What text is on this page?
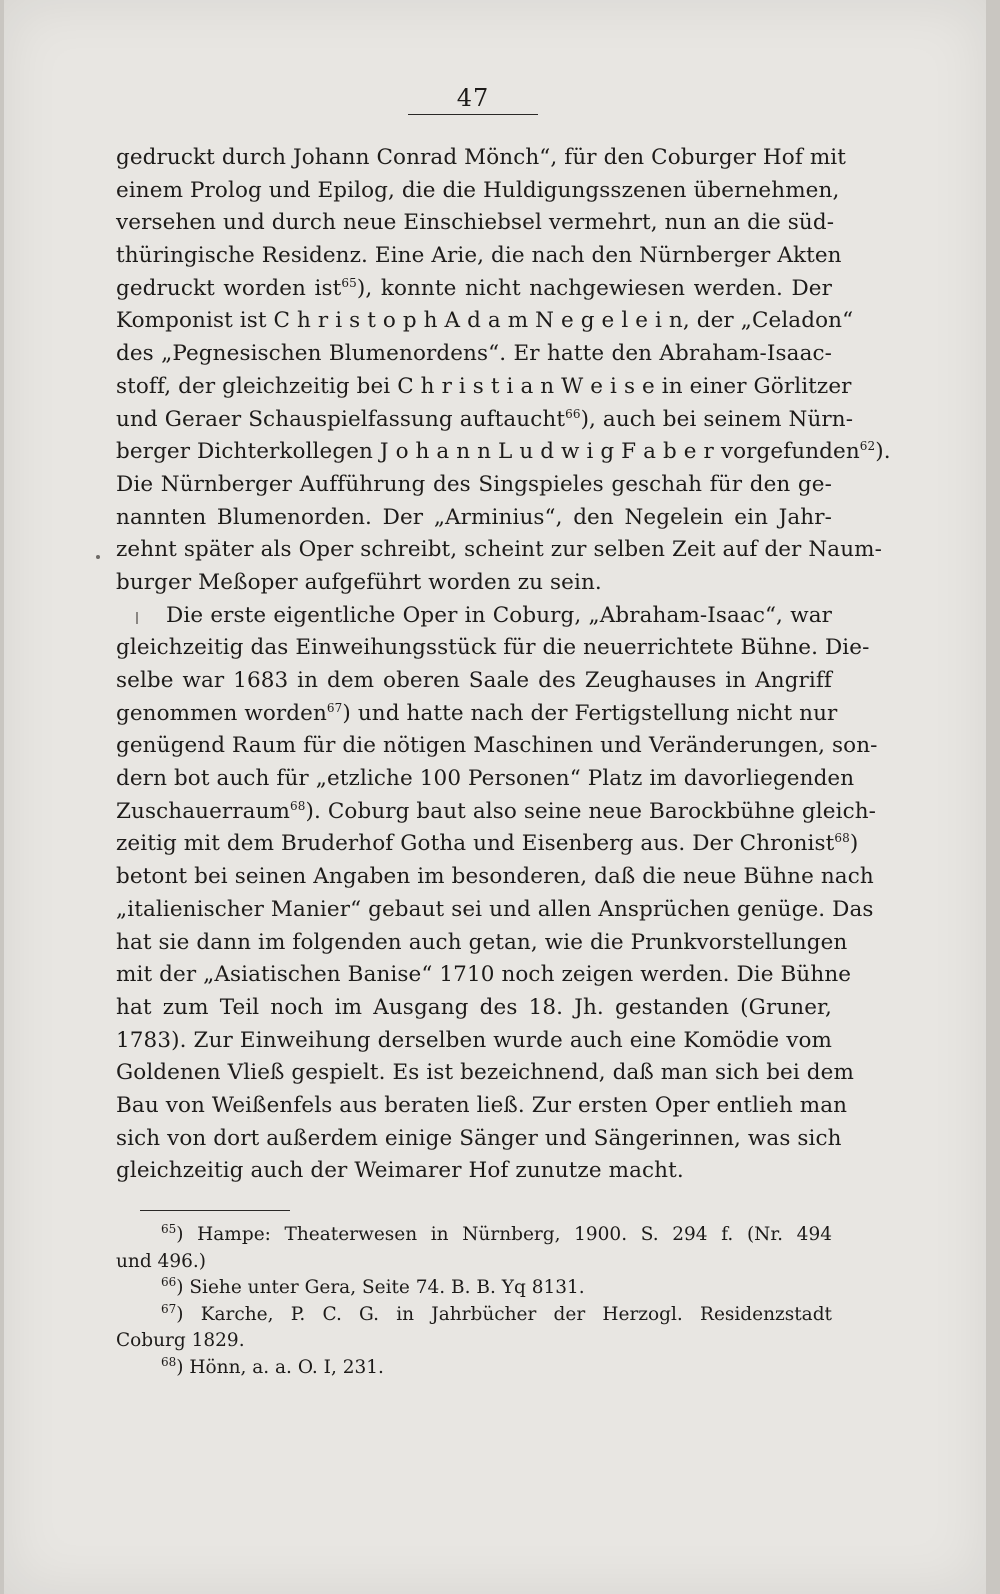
47
gedruckt durch Johann Conrad Mönch“, für den Coburger Hof mit
einem Prolog und Epilog, die die Huldigungsszenen übernehmen,
versehen und durch neue Einschiebsel vermehrt, nun an die süd-
thüringische Residenz. Eine Arie, die nach den Nürnberger Akten
gedruckt worden ist$^{65}$), konnte nicht nachgewiesen werden. Der
Komponist ist C h r i s t o p h A d a m N e g e l e i n, der „Celadon“
des „Pegnesischen Blumenordens“. Er hatte den Abraham-Isaac-
stoff, der gleichzeitig bei C h r i s t i a n W e i s e in einer Görlitzer
und Geraer Schauspielfassung auftaucht$^{66}$), auch bei seinem Nürn-
berger Dichterkollegen J o h a n n L u d w i g F a b e r vorgefunden$^{62}$).
Die Nürnberger Aufführung des Singspieles geschah für den ge-
nannten Blumenorden. Der „Arminius“, den Negelein ein Jahr-
zehnt später als Oper schreibt, scheint zur selben Zeit auf der Naum-
burger Meßoper aufgeführt worden zu sein.
Die erste eigentliche Oper in Coburg, „Abraham-Isaac“, war
gleichzeitig das Einweihungsstück für die neuerrichtete Bühne. Die-
selbe war 1683 in dem oberen Saale des Zeughauses in Angriff
genommen worden$^{67}$) und hatte nach der Fertigstellung nicht nur
genügend Raum für die nötigen Maschinen und Veränderungen, son-
dern bot auch für „etzliche 100 Personen“ Platz im davorliegenden
Zuschauerraum$^{68}$). Coburg baut also seine neue Barockbühne gleich-
zeitig mit dem Bruderhof Gotha und Eisenberg aus. Der Chronist$^{68}$)
betont bei seinen Angaben im besonderen, daß die neue Bühne nach
„italienischer Manier“ gebaut sei und allen Ansprüchen genüge. Das
hat sie dann im folgenden auch getan, wie die Prunkvorstellungen
mit der „Asiatischen Banise“ 1710 noch zeigen werden. Die Bühne
hat zum Teil noch im Ausgang des 18. Jh. gestanden (Gruner,
1783). Zur Einweihung derselben wurde auch eine Komödie vom
Goldenen Vließ gespielt. Es ist bezeichnend, daß man sich bei dem
Bau von Weißenfels aus beraten ließ. Zur ersten Oper entlieh man
sich von dort außerdem einige Sänger und Sängerinnen, was sich
gleichzeitig auch der Weimarer Hof zunutze macht.
$^{65}$) Hampe: Theaterwesen in Nürnberg, 1900. S. 294 f. (Nr. 494
und 496.)
$^{66}$) Siehe unter Gera, Seite 74. B. B. Yq 8131.
$^{67}$) Karche, P. C. G. in Jahrbücher der Herzogl. Residenzstadt
Coburg 1829.
$^{68}$) Hönn, a. a. O. I, 231.
